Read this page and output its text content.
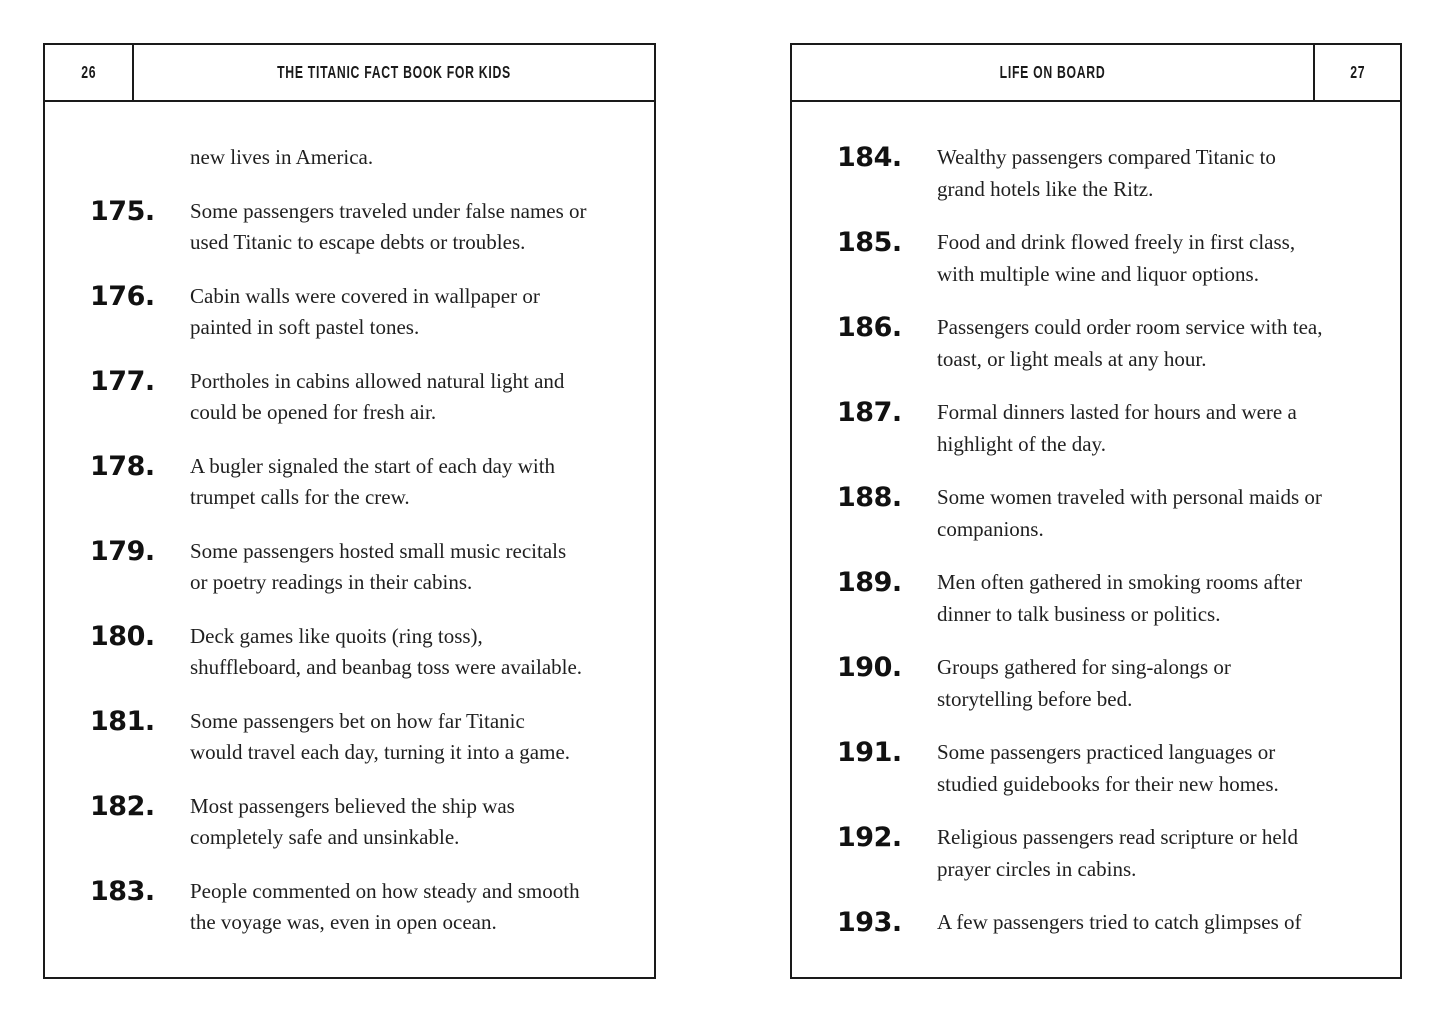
26	THE TITANIC FACT BOOK FOR KIDS
new lives in America.
175.	Some passengers traveled under false names or
used Titanic to escape debts or troubles.
176.	Cabin walls were covered in wallpaper or
painted in soft pastel tones.
177.	Portholes in cabins allowed natural light and
could be opened for fresh air.
178.	A bugler signaled the start of each day with
trumpet calls for the crew.
179.	Some passengers hosted small music recitals
or poetry readings in their cabins.
180.	Deck games like quoits (ring toss),
shuffleboard, and beanbag toss were available.
181.	Some passengers bet on how far Titanic
would travel each day, turning it into a game.
182.	Most passengers believed the ship was
completely safe and unsinkable.
183.	People commented on how steady and smooth
the voyage was, even in open ocean.
LIFE ON BOARD	27
184.	Wealthy passengers compared Titanic to
grand hotels like the Ritz.
185.	Food and drink flowed freely in first class,
with multiple wine and liquor options.
186.	Passengers could order room service with tea,
toast, or light meals at any hour.
187.	Formal dinners lasted for hours and were a
highlight of the day.
188.	Some women traveled with personal maids or
companions.
189.	Men often gathered in smoking rooms after
dinner to talk business or politics.
190.	Groups gathered for sing-alongs or
storytelling before bed.
191.	Some passengers practiced languages or
studied guidebooks for their new homes.
192.	Religious passengers read scripture or held
prayer circles in cabins.
193.	A few passengers tried to catch glimpses of
